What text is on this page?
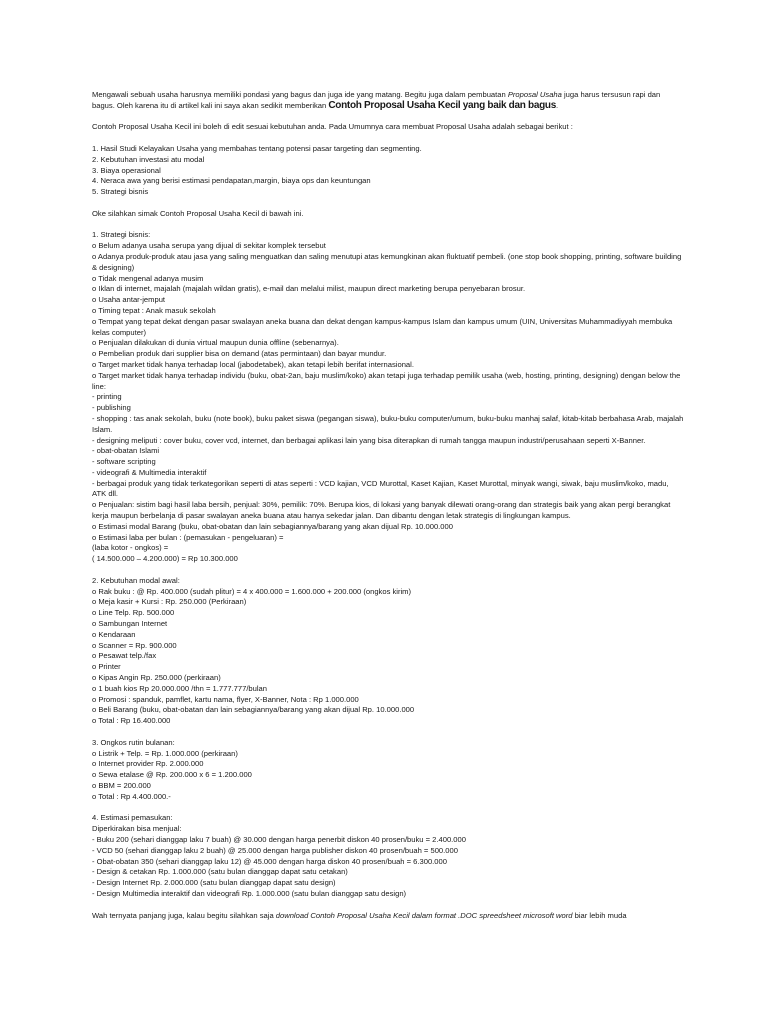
Mengawali sebuah usaha harusnya memiliki pondasi yang bagus dan juga ide yang matang. Begitu juga dalam pembuatan Proposal Usaha juga harus tersusun rapi dan bagus. Oleh karena itu di artikel kali ini saya akan sedikit memberikan Contoh Proposal Usaha Kecil yang baik dan bagus.

Contoh Proposal Usaha Kecil ini boleh di edit sesuai kebutuhan anda. Pada Umumnya cara membuat Proposal Usaha adalah sebagai berikut :

1. Hasil Studi Kelayakan Usaha yang membahas tentang potensi pasar targeting dan segmenting.
2. Kebutuhan investasi atu modal
3. Biaya operasional
4. Neraca awa yang berisi estimasi pendapatan,margin, biaya ops dan keuntungan
5. Strategi bisnis

Oke silahkan simak Contoh Proposal Usaha Kecil di bawah ini.

1. Strategi bisnis:
o Belum adanya usaha serupa yang dijual di sekitar komplek tersebut
o Adanya produk-produk atau jasa yang saling menguatkan dan saling menutupi atas kemungkinan akan fluktuatif pembeli. (one stop book shopping, printing, software building & designing)
o Tidak mengenal adanya musim
o Iklan di internet, majalah (majalah wildan gratis), e-mail dan melalui milist, maupun direct marketing berupa penyebaran brosur.
o Usaha antar-jemput
o Timing tepat : Anak masuk sekolah
o Tempat yang tepat dekat dengan pasar swalayan aneka buana dan dekat dengan kampus-kampus Islam dan kampus umum (UIN, Universitas Muhammadiyyah membuka kelas computer)
o Penjualan dilakukan di dunia virtual maupun dunia offline (sebenarnya).
o Pembelian produk dari supplier bisa on demand (atas permintaan) dan bayar mundur.
o Target market tidak hanya terhadap local (jabodetabek), akan tetapi lebih berifat internasional.
o Target market tidak hanya terhadap individu (buku, obat-2an, baju muslim/koko) akan tetapi juga terhadap pemilik usaha (web, hosting, printing, designing) dengan below the line:
- printing
- publishing
- shopping : tas anak sekolah, buku (note book), buku paket siswa (pegangan siswa), buku-buku computer/umum, buku-buku manhaj salaf, kitab-kitab berbahasa Arab, majalah Islam.
- designing meliputi : cover buku, cover vcd, internet, dan berbagai aplikasi lain yang bisa diterapkan di rumah tangga maupun industri/perusahaan seperti X-Banner.
- obat-obatan Islami
- software scripting
- videografi & Multimedia interaktif
- berbagai produk yang tidak terkategorikan seperti di atas seperti : VCD kajian, VCD Murottal, Kaset Kajian, Kaset Murottal, minyak wangi, siwak, baju muslim/koko, madu, ATK dll.
o Penjualan: sistim bagi hasil laba bersih, penjual: 30%, pemilik: 70%. Berupa kios, di lokasi yang banyak dilewati orang-orang dan strategis baik yang akan pergi berangkat kerja maupun berbelanja di pasar swalayan aneka buana atau hanya sekedar jalan. Dan dibantu dengan letak strategis di lingkungan kampus.
o Estimasi modal Barang (buku, obat-obatan dan lain sebagiannya/barang yang akan dijual Rp. 10.000.000
o Estimasi laba per bulan : (pemasukan - pengeluaran) =
(laba kotor - ongkos) =
( 14.500.000 – 4.200.000) = Rp 10.300.000
2. Kebutuhan modal awal:
o Rak buku : @ Rp. 400.000 (sudah plitur) = 4 x 400.000 = 1.600.000 + 200.000 (ongkos kirim)
o Meja kasir + Kursi : Rp. 250.000 (Perkiraan)
o Line Telp. Rp. 500.000
o Sambungan Internet
o Kendaraan
o Scanner = Rp. 900.000
o Pesawat telp./fax
o Printer
o Kipas Angin Rp. 250.000 (perkiraan)
o 1 buah kios Rp 20.000.000 /thn = 1.777.777/bulan
o Promosi : spanduk, pamflet, kartu nama, flyer, X-Banner, Nota : Rp 1.000.000
o Beli Barang (buku, obat-obatan dan lain sebagiannya/barang yang akan dijual Rp. 10.000.000
o Total : Rp 16.400.000
3. Ongkos rutin bulanan:
o Listrik + Telp. = Rp. 1.000.000 (perkiraan)
o Internet provider Rp. 2.000.000
o Sewa etalase @ Rp. 200.000 x 6 = 1.200.000
o BBM = 200.000
o Total : Rp 4.400.000.-
4. Estimasi pemasukan:
Diperkirakan bisa menjual:
- Buku 200 (sehari dianggap laku 7 buah) @ 30.000 dengan harga penerbit diskon 40 prosen/buku = 2.400.000
- VCD 50 (sehari dianggap laku 2 buah) @ 25.000 dengan harga publisher diskon 40 prosen/buah = 500.000
- Obat-obatan 350 (sehari dianggap laku 12) @ 45.000 dengan harga diskon 40 prosen/buah = 6.300.000
- Design & cetakan Rp. 1.000.000 (satu bulan dianggap dapat satu cetakan)
- Design Internet Rp. 2.000.000 (satu bulan dianggap dapat satu design)
- Design Multimedia interaktif dan videografi Rp. 1.000.000 (satu bulan dianggap satu design)

Wah ternyata panjang juga, kalau begitu silahkan saja download Contoh Proposal Usaha Kecil dalam format .DOC spreedsheet microsoft word biar lebih muda
